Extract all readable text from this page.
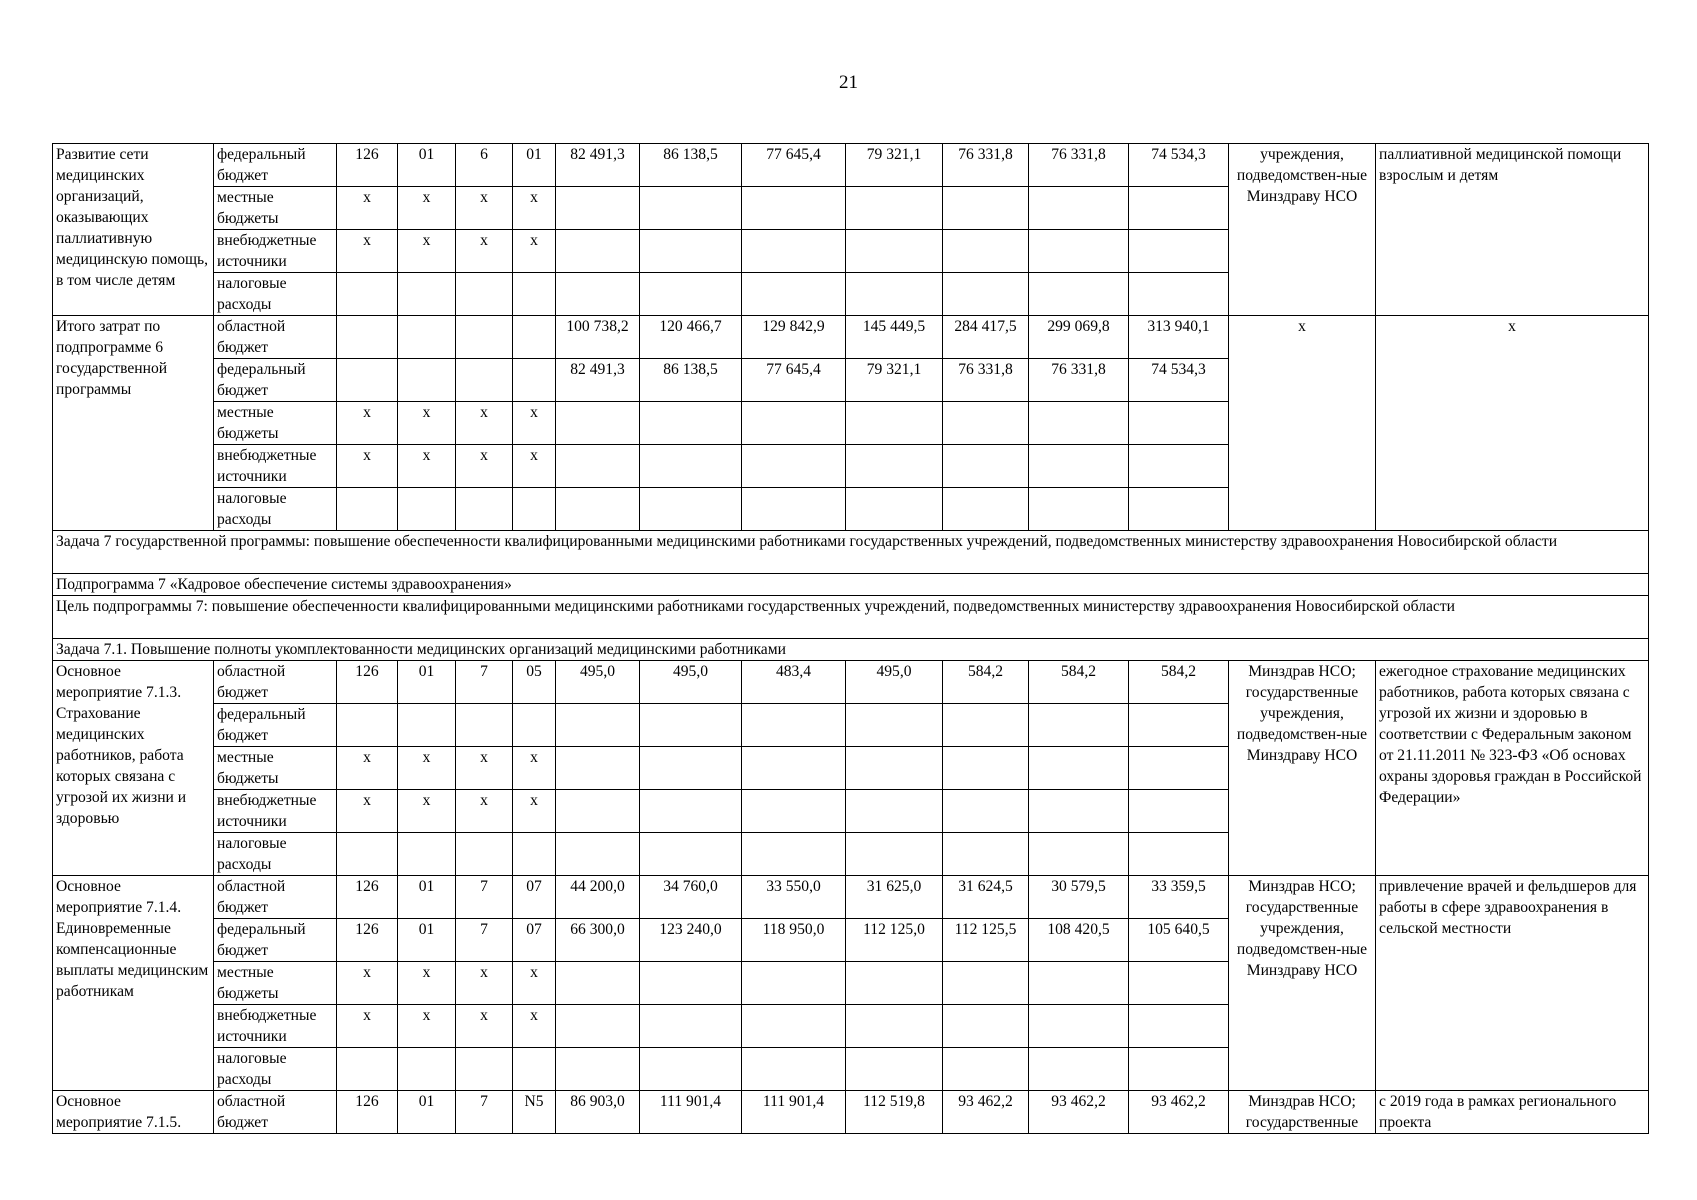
21
Развитие сети медицинских организаций, оказывающих паллиативную медицинскую помощь, в том числе детям	федеральный бюджет	126	01	6	01	82 491,3	86 138,5	77 645,4	79 321,1	76 331,8	76 331,8	74 534,3	учреждения, подведомствен-ные Минздраву НСО	паллиативной медицинской помощи взрослым и детям
	местные бюджеты	x	x	x	x									
	внебюджетные источники	x	x	x	x									
	налоговые расходы													
Итого затрат по подпрограмме 6 государственной программы	областной бюджет					100 738,2	120 466,7	129 842,9	145 449,5	284 417,5	299 069,8	313 940,1	x	x
	федеральный бюджет					82 491,3	86 138,5	77 645,4	79 321,1	76 331,8	76 331,8	74 534,3		
	местные бюджеты	x	x	x	x									
	внебюджетные источники	x	x	x	x									
	налоговые расходы													
Задача 7 государственной программы: повышение обеспеченности квалифицированными медицинскими работниками государственных учреждений, подведомственных министерству здравоохранения Новосибирской области														
Подпрограмма 7 «Кадровое обеспечение системы здравоохранения»														
Цель подпрограммы 7: повышение обеспеченности квалифицированными медицинскими работниками государственных учреждений, подведомственных министерству здравоохранения Новосибирской области														
Задача 7.1. Повышение полноты укомплектованности медицинских организаций медицинскими работниками														
Основное мероприятие 7.1.3. Страхование медицинских работников, работа которых связана с угрозой их жизни и здоровью	областной бюджет	126	01	7	05	495,0	495,0	483,4	495,0	584,2	584,2	584,2	Минздрав НСО; государственные учреждения, подведомствен-ные Минздраву НСО	ежегодное страхование медицинских работников, работа которых связана с угрозой их жизни и здоровью в соответствии с Федеральным законом от 21.11.2011 № 323-ФЗ «Об основах охраны здоровья граждан в Российской Федерации»
	федеральный бюджет													
	местные бюджеты	x	x	x	x									
	внебюджетные источники	x	x	x	x									
	налоговые расходы													
Основное мероприятие 7.1.4. Единовременные компенсационные выплаты медицинским работникам	областной бюджет	126	01	7	07	44 200,0	34 760,0	33 550,0	31 625,0	31 624,5	30 579,5	33 359,5	Минздрав НСО; государственные учреждения, подведомствен-ные Минздраву НСО	привлечение врачей и фельдшеров для работы в сфере здравоохранения в сельской местности
	федеральный бюджет	126	01	7	07	66 300,0	123 240,0	118 950,0	112 125,0	112 125,5	108 420,5	105 640,5		
	местные бюджеты	x	x	x	x									
	внебюджетные источники	x	x	x	x									
	налоговые расходы													
Основное мероприятие 7.1.5.	областной бюджет	126	01	7	N5	86 903,0	111 901,4	111 901,4	112 519,8	93 462,2	93 462,2	93 462,2	Минздрав НСО; государственные	с 2019 года в рамках регионального проекта
